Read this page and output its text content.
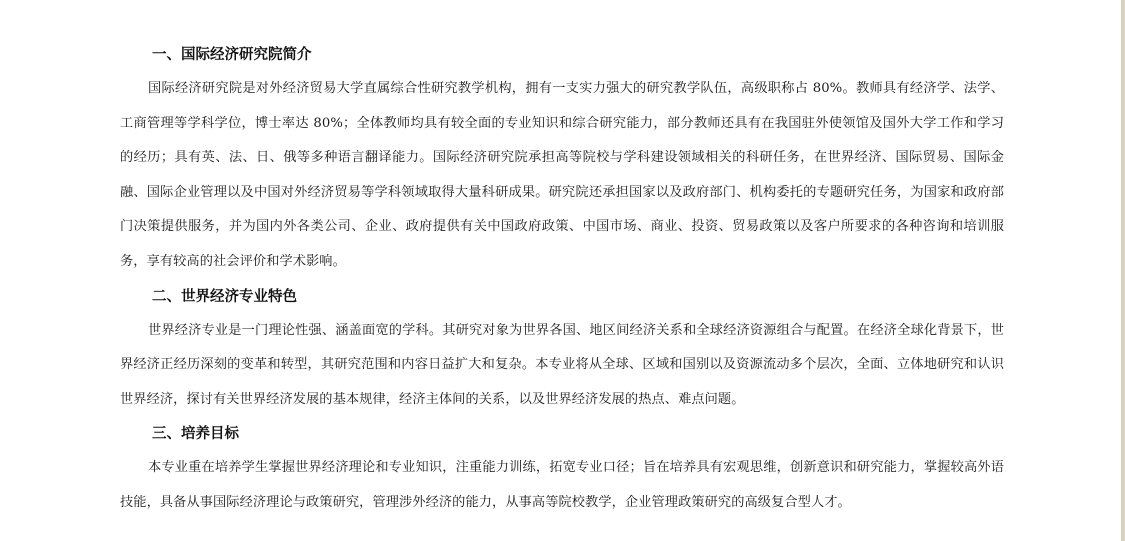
一、国际经济研究院简介

国际经济研究院是对外经济贸易大学直属综合性研究教学机构，拥有一支实力强大的研究教学队伍，高级职称占 80%。教师具有经济学、法学、工商管理等学科学位，博士率达 80%；全体教师均具有较全面的专业知识和综合研究能力，部分教师还具有在我国驻外使领馆及国外大学工作和学习的经历；具有英、法、日、俄等多种语言翻译能力。国际经济研究院承担高等院校与学科建设领域相关的科研任务，在世界经济、国际贸易、国际金融、国际企业管理以及中国对外经济贸易等学科领域取得大量科研成果。研究院还承担国家以及政府部门、机构委托的专题研究任务，为国家和政府部门决策提供服务，并为国内外各类公司、企业、政府提供有关中国政府政策、中国市场、商业、投资、贸易政策以及客户所要求的各种咨询和培训服务，享有较高的社会评价和学术影响。

二、世界经济专业特色

世界经济专业是一门理论性强、涵盖面宽的学科。其研究对象为世界各国、地区间经济关系和全球经济资源组合与配置。在经济全球化背景下，世界经济正经历深刻的变革和转型，其研究范围和内容日益扩大和复杂。本专业将从全球、区域和国别以及资源流动多个层次，全面、立体地研究和认识世界经济，探讨有关世界经济发展的基本规律，经济主体间的关系，以及世界经济发展的热点、难点问题。

三、培养目标

本专业重在培养学生掌握世界经济理论和专业知识，注重能力训练，拓宽专业口径；旨在培养具有宏观思维，创新意识和研究能力，掌握较高外语技能，具备从事国际经济理论与政策研究，管理涉外经济的能力，从事高等院校教学，企业管理政策研究的高级复合型人才。
